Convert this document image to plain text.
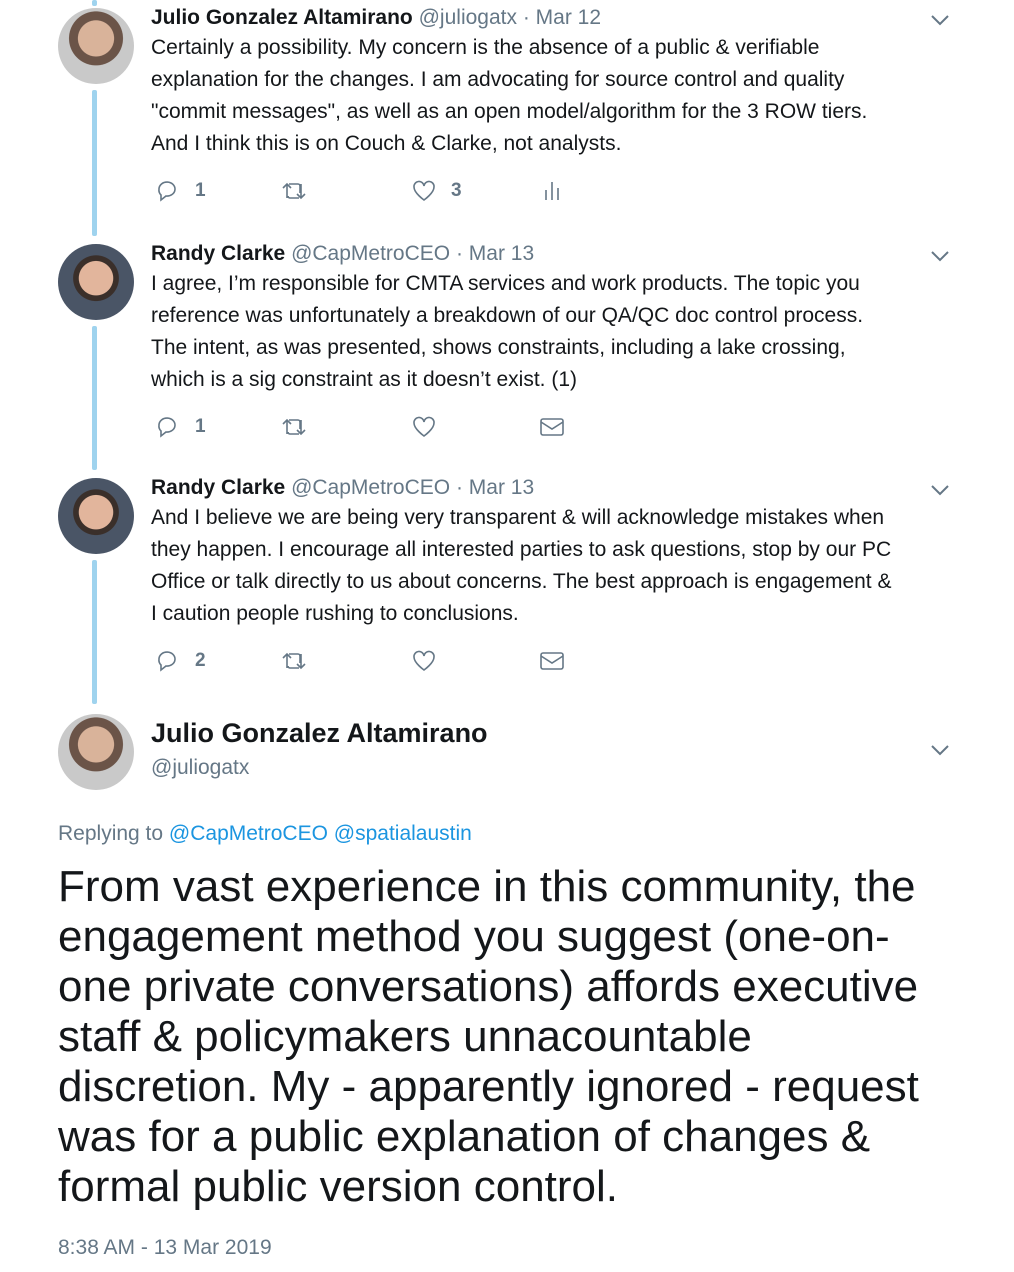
Julio Gonzalez Altamirano @juliogatx · Mar 12
Certainly a possibility. My concern is the absence of a public & verifiable
explanation for the changes. I am advocating for source control and quality
"commit messages", as well as an open model/algorithm for the 3 ROW tiers.
And I think this is on Couch & Clarke, not analysts.
1	3
Randy Clarke @CapMetroCEO · Mar 13
I agree, I’m responsible for CMTA services and work products. The topic you
reference was unfortunately a breakdown of our QA/QC doc control process.
The intent, as was presented, shows constraints, including a lake crossing,
which is a sig constraint as it doesn’t exist. (1)
1
Randy Clarke @CapMetroCEO · Mar 13
And I believe we are being very transparent & will acknowledge mistakes when
they happen. I encourage all interested parties to ask questions, stop by our PC
Office or talk directly to us about concerns. The best approach is engagement &
I caution people rushing to conclusions.
2
Julio Gonzalez Altamirano
@juliogatx
Replying to @CapMetroCEO @spatialaustin
From vast experience in this community, the
engagement method you suggest (one-on-
one private conversations) affords executive
staff & policymakers unnacountable
discretion. My - apparently ignored - request
was for a public explanation of changes &
formal public version control.
8:38 AM - 13 Mar 2019
